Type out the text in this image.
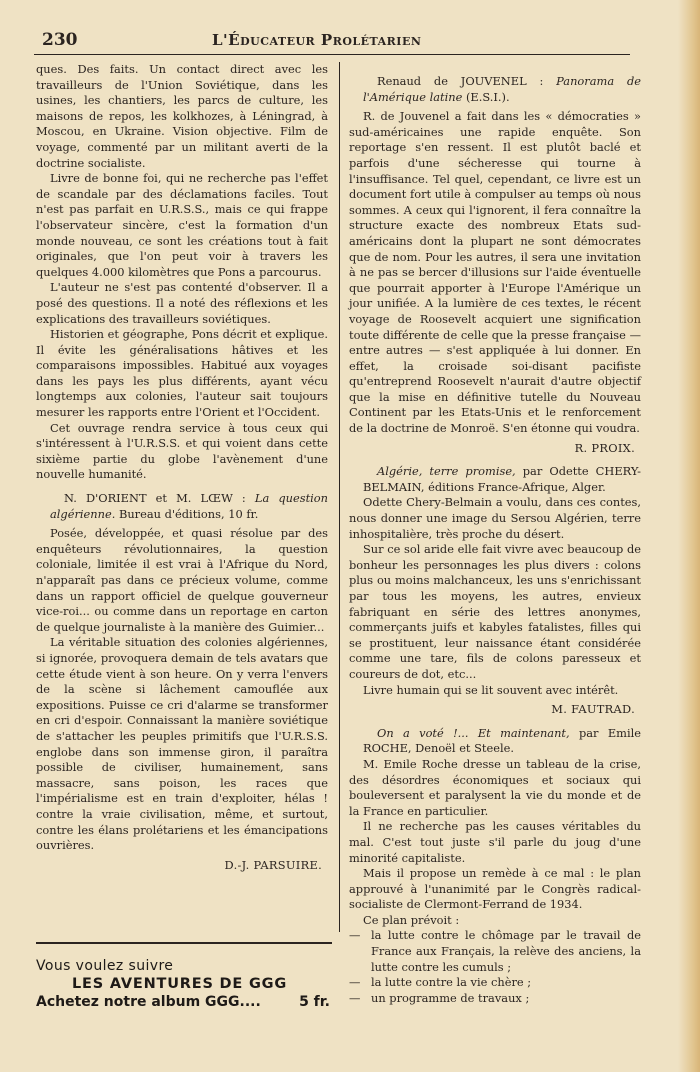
230	L'Éducateur Prolétarien

ques. Des faits. Un contact direct avec les travailleurs de l'Union Soviétique, dans les usines, les chantiers, les parcs de culture, les maisons de repos, les kolkhozes, à Léningrad, à Moscou, en Ukraine. Vision objective. Film de voyage, commenté par un militant averti de la doctrine socialiste.

Livre de bonne foi, qui ne recherche pas l'effet de scandale par des déclamations faciles. Tout n'est pas parfait en U.R.S.S., mais ce qui frappe l'observateur sincère, c'est la formation d'un monde nouveau, ce sont les créations tout à fait originales, que l'on peut voir à travers les quelques 4.000 kilomètres que Pons a parcourus.

L'auteur ne s'est pas contenté d'observer. Il a posé des questions. Il a noté des réflexions et les explications des travailleurs soviétiques.

Historien et géographe, Pons décrit et explique. Il évite les généralisations hâtives et les comparaisons impossibles. Habitué aux voyages dans les pays les plus différents, ayant vécu longtemps aux colonies, l'auteur sait toujours mesurer les rapports entre l'Orient et l'Occident.

Cet ouvrage rendra service à tous ceux qui s'intéressent à l'U.R.S.S. et qui voient dans cette sixième partie du globe l'avènement d'une nouvelle humanité.

N. D'ORIENT et M. LŒW : La question algérienne. Bureau d'éditions, 10 fr.

Posée, développée, et quasi résolue par des enquêteurs révolutionnaires, la question coloniale, limitée il est vrai à l'Afrique du Nord, n'apparaît pas dans ce précieux volume, comme dans un rapport officiel de quelque gouverneur vice-roi... ou comme dans un reportage en carton de quelque journaliste à la manière des Guimier...

La véritable situation des colonies algériennes, si ignorée, provoquera demain de tels avatars que cette étude vient à son heure. On y verra l'envers de la scène si lâchement camouflée aux expositions. Puisse ce cri d'alarme se transformer en cri d'espoir. Connaissant la manière soviétique de s'attacher les peuples primitifs que l'U.R.S.S. englobe dans son immense giron, il paraîtra possible de civiliser, humainement, sans massacre, sans poison, les races que l'impérialisme est en train d'exploiter, hélas ! contre la vraie civilisation, même, et surtout, contre les élans prolétariens et les émancipations ouvrières.

D.-J. PARSUIRE.

Vous voulez suivre
LES AVENTURES DE GGG
Achetez notre album GGG....	5 fr.

Renaud de JOUVENEL : Panorama de l'Amérique latine (E.S.I.).

R. de Jouvenel a fait dans les « démocraties » sud-américaines une rapide enquête. Son reportage s'en ressent. Il est plutôt baclé et parfois d'une sécheresse qui tourne à l'insuffisance. Tel quel, cependant, ce livre est un document fort utile à compulser au temps où nous sommes. A ceux qui l'ignorent, il fera connaître la structure exacte des nombreux Etats sud-américains dont la plupart ne sont démocrates que de nom. Pour les autres, il sera une invitation à ne pas se bercer d'illusions sur l'aide éventuelle que pourrait apporter à l'Europe l'Amérique un jour unifiée. A la lumière de ces textes, le récent voyage de Roosevelt acquiert une signification toute différente de celle que la presse française — entre autres — s'est appliquée à lui donner. En effet, la croisade soi-disant pacifiste qu'entreprend Roosevelt n'aurait d'autre objectif que la mise en définitive tutelle du Nouveau Continent par les Etats-Unis et le renforcement de la doctrine de Monroë. S'en étonne qui voudra.

R. PROIX.

Algérie, terre promise, par Odette CHERY-BELMAIN, éditions France-Afrique, Alger.

Odette Chery-Belmain a voulu, dans ces contes, nous donner une image du Sersou Algérien, terre inhospitalière, très proche du désert.

Sur ce sol aride elle fait vivre avec beaucoup de bonheur les personnages les plus divers : colons plus ou moins malchanceux, les uns s'enrichissant par tous les moyens, les autres, envieux fabriquant en série des lettres anonymes, commerçants juifs et kabyles fatalistes, filles qui se prostituent, leur naissance étant considérée comme une tare, fils de colons paresseux et coureurs de dot, etc...

Livre humain qui se lit souvent avec intérêt.

M. FAUTRAD.

On a voté !... Et maintenant, par Emile ROCHE, Denoël et Steele.

M. Emile Roche dresse un tableau de la crise, des désordres économiques et sociaux qui bouleversent et paralysent la vie du monde et de la France en particulier.

Il ne recherche pas les causes véritables du mal. C'est tout juste s'il parle du joug d'une minorité capitaliste.

Mais il propose un remède à ce mal : le plan approuvé à l'unanimité par le Congrès radical-socialiste de Clermont-Ferrand de 1934.

Ce plan prévoit :

— la lutte contre le chômage par le travail de France aux Français, la relève des anciens, la lutte contre les cumuls ;

— la lutte contre la vie chère ;

— un programme de travaux ;
